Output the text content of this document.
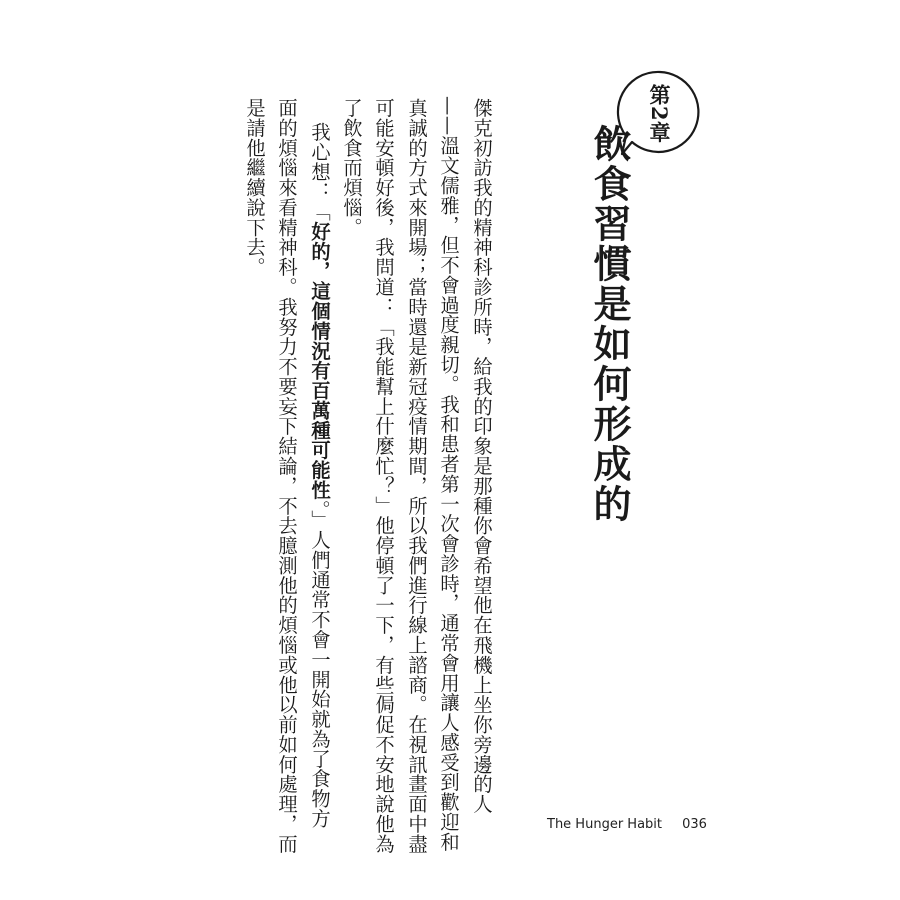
第2章
飲食習慣是如何形成的
傑克初訪我的精神科診所時，給我的印象是那種你會希望他在飛機上坐你旁邊的人
——溫文儒雅，但不會過度親切。我和患者第一次會診時，通常會用讓人感受到歡迎和
真誠的方式來開場；當時還是新冠疫情期間，所以我們進行線上諮商。在視訊畫面中盡
可能安頓好後，我問道：「我能幫上什麼忙？」他停頓了一下，有些侷促不安地說他為
了飲食而煩惱。
我心想：「好的，這個情況有百萬種可能性。」人們通常不會一開始就為了食物方
面的煩惱來看精神科。我努力不要妄下結論，不去臆測他的煩惱或他以前如何處理，而
是請他繼續說下去。
The Hunger Habit 036
